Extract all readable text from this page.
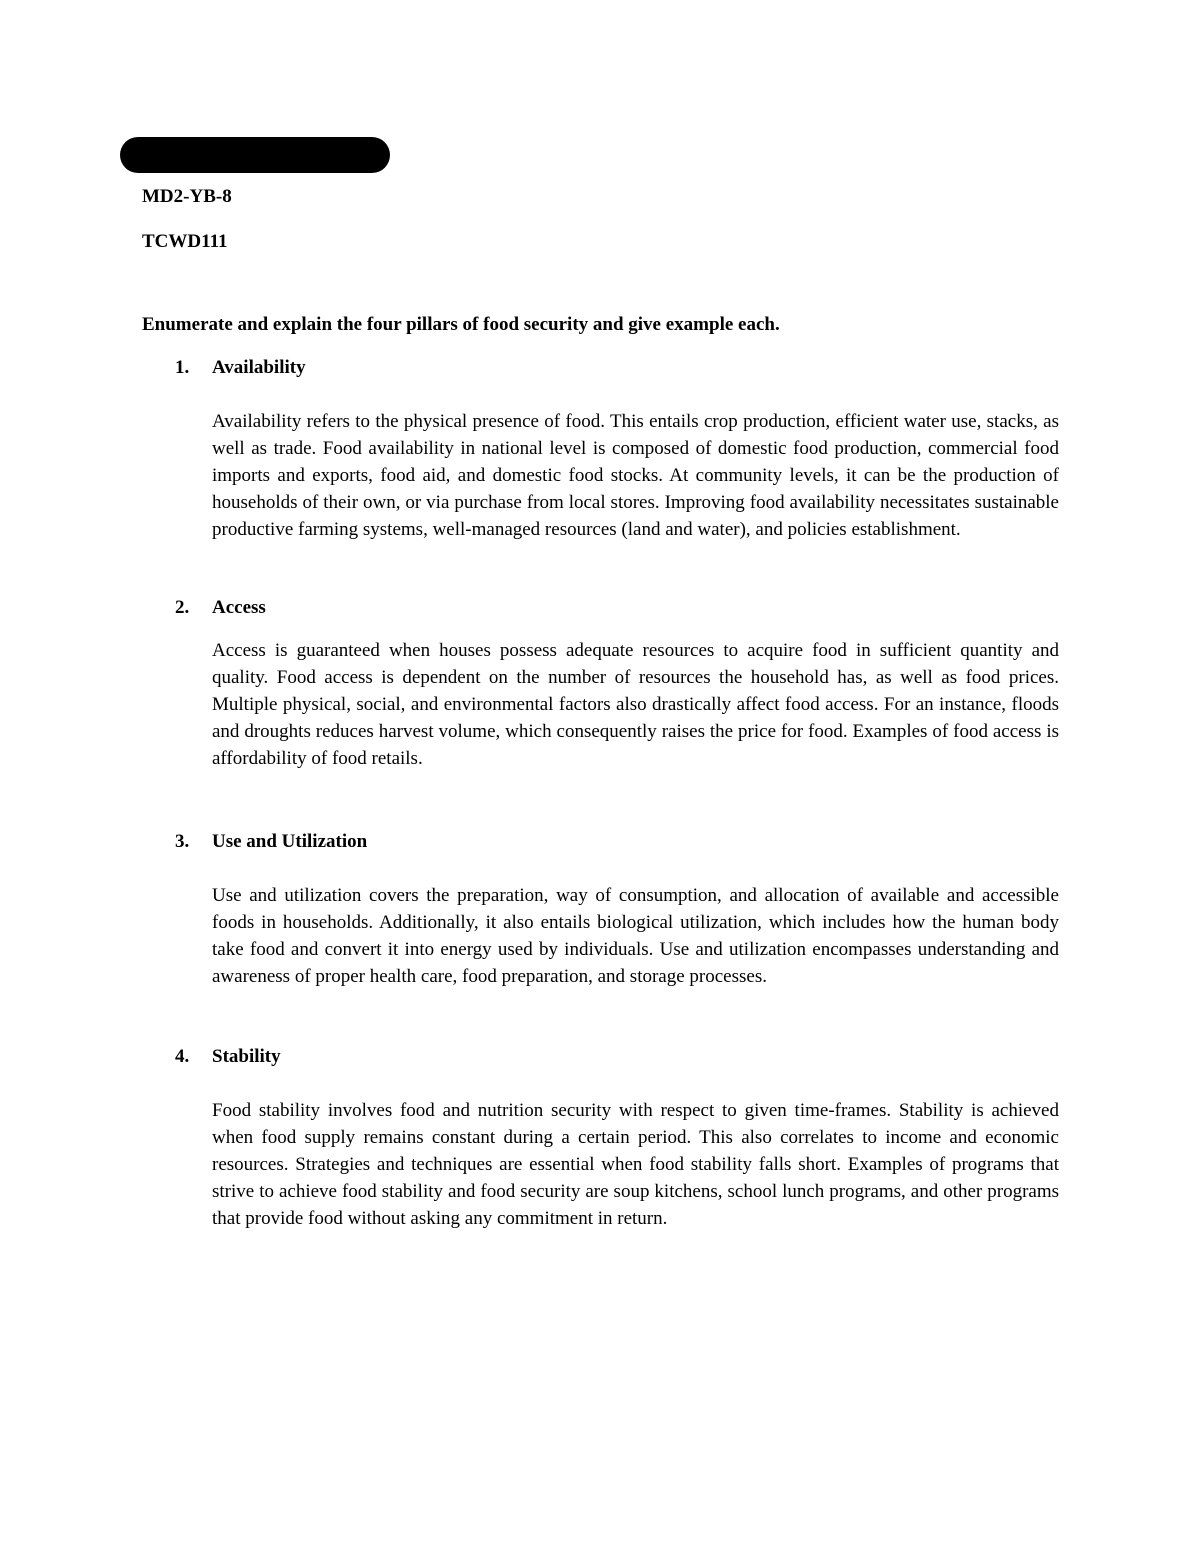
MD2-YB-8
TCWD111
Enumerate and explain the four pillars of food security and give example each.
1. Availability
Availability refers to the physical presence of food. This entails crop production, efficient water use, stacks, as well as trade. Food availability in national level is composed of domestic food production, commercial food imports and exports, food aid, and domestic food stocks. At community levels, it can be the production of households of their own, or via purchase from local stores. Improving food availability necessitates sustainable productive farming systems, well-managed resources (land and water), and policies establishment.
2. Access
Access is guaranteed when houses possess adequate resources to acquire food in sufficient quantity and quality. Food access is dependent on the number of resources the household has, as well as food prices. Multiple physical, social, and environmental factors also drastically affect food access. For an instance, floods and droughts reduces harvest volume, which consequently raises the price for food. Examples of food access is affordability of food retails.
3. Use and Utilization
Use and utilization covers the preparation, way of consumption, and allocation of available and accessible foods in households. Additionally, it also entails biological utilization, which includes how the human body take food and convert it into energy used by individuals. Use and utilization encompasses understanding and awareness of proper health care, food preparation, and storage processes.
4. Stability
Food stability involves food and nutrition security with respect to given time-frames. Stability is achieved when food supply remains constant during a certain period. This also correlates to income and economic resources. Strategies and techniques are essential when food stability falls short. Examples of programs that strive to achieve food stability and food security are soup kitchens, school lunch programs, and other programs that provide food without asking any commitment in return.
